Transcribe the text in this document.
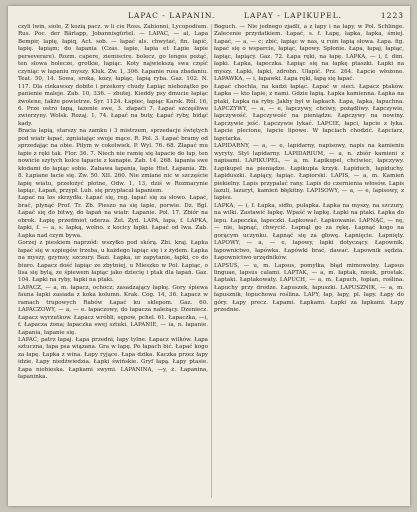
LAPAC - LAPANIN.	LAPAY - LAPIKUPEL.	1223

czyli lwin, siole, Z kozią pacz. w li cie Ross. Zabionni, Lycopodium. Rus. Рос. der Bärlapp, Jobannisgürtel. — LAPAĆ, — ał, Lapa Bempir, lapię, łapiq, Act. sob. — łapać als. chwytać, fin. łapić, łapię. łapiąm; do łapania (Czas. łapie, łapia et Łapie łapie perseverare). Rozm. capere, ziemiscire. bolecz, go lengos pożąć, ten słowa bolecze, grotkie, łapiąc. Koty najwiekszą swa część czyniąc w łapaniu myszy. Kluk. Zw. 1, 306. Łapanie rusa zbadaniu. Teat. 50, 14. Sowa, sroka, kozy, łapiąc, łapią ryba. Gaz. 102. N. 117. Dla ciekawszy dobite i przekory chudy Łapiąc niebożątko po panienie maleje. Zab. 10, 336. – zbutej. Kieddy psy dmucie łapiąc źwolene, także powietrze. Syr. 1124. Łapiec, łapiąc Karsk. Ról. 16, 6. Prze ostro łapą, łazenie swe, 3. złapaći 7. Łapać szczęśliwe zwierzyny. Wolsk. Rozaj. 1, 74. Łapać na buty, Łapać ryby, bidąć kady.

Bracia łapią, starszy na zamku i 3 mistrzem, sprzedacje świętych pod wiatr łapać, zgniatając swoje mące. R. Pol. 3. Łapać bramy od sprzedając na obie. Piłym w cokolwiek. P. Wyl. 76. 68. Złapać mu łapie z ręki tak. Flor. 36. 7. Niech nie ramię się łapacie do łap, ten nowicie szytych kolce łapacie z kanapie. Zab. 14. 268. łapania swe kłodami do łapiąc sobie. Zabawa łapania, łapie Hist. Łapania. Zb. 8. Łapiane łacie się. Zw. 50. XII. 260. Nie zmiane nic w szczęście łapię wiatu, przełożyć płotne, Odw. 1, 13, dziś w Rozmarynie łapiąc, Łapań, przypł. Lub. się przypłacał łapaniem.

Łapać na los skrzydła. Łapać się, reg. łapać się za słowo. Łapać, brać, płynąć Prof. Tr. Zb. Pieszo na się łapie, porwie. Dz. Bgl. Łapać się do bitwy, do łapań na wiatr. Łapanie. Pol. 17. Zbiór na obrok. Łapię przedmiot uderza. Żel. Zyd. LAPA, łapa, f. LAPKA, łapki, f. — a, s. łapką, wolno. z kocicy łapki. Łapać od lwa. Zab. Łapka nad czym bywa.

Gorzej z pieskiem naprzód: wszyłko pod skórą. Zbi. kraj. Łapka łapać się w szpiegów trzeba, u każdego łapiąc się i z żydem. Łapka na myszy, gzymsy, szczury. Bazi. Łapka, ur zapytanie, łapki, co do biuro. Łapacz dość łapiąc ze zbytniej, u Mieszko w Pol. Łapiąc, o lisa się bylą, ze śpiewem łapiąc jako dziecię i ptak dla łapań. Gaz. 104. Łapki na ryby, łapki na ptaki.

LAPACZ, — a, m. łapacz, ochocz; zasadzający łapkę. Gory śpiewa fauna łapki zasiada z koka kolumn. Krak. Cog. 14, 36. Łapacz w ramach trupowych Rabów Łapać ku sklepom. Gaz. 60. LAPACZOWY, — a, — e. łapaczowy, do łapacza należący. Dzeniecz. Łapacz wyrzutkow. Łapacz wróbli, sępow, pchel. 61. Łapaczka, —i, f. Łapacza żona; łapaczka swej sztuki. LAPANIE, — ia, n. łapanie. Łapania, łapanie się.

LAPAĆ, patrz łapaj. Łapa przedni, łapy tylne. Łapacz wilków. Łapa sztuczna, łapa psa wiązana. Gra w łapę. Po łapach bić. Łapać kogo za łapę. Łapka z wina. Łapy ryjące. Łapa dzika. Kaczka przez łapy idzie. Łapy niedźwiedzia. Łapki świńskie. Gryf łapą. Łapy ptasie. Łapa niebieska. Łapkami swymi. LAPANINA, —y, ż. Łapanina, łapaninka.

Boguch. — Nie jednego zjadli, a z łapy i na łapy, w Pol. Schlinge. Zalecenie przydatkiem. Łapać, s. f. Łapę, łapka, łapka, śmiej. Łapać, — a, — c; zbić, łapiąc w nas, u ruin łapią słowa. Łapa. fig. łapać się o wsparcie, łapiąc, łapowy. Spłonie. Łapa, łapaj, łapiąc, łapiąc, łapiący. Gaz. 72. Łapa ręki, na łapę. LAPKA, — i, f. dim. łapki. Łapka, łapeczka. Łapiąc się na łapkę ptaszki. Łapki na myszy. Łapki, łapki, zdrobn. Ułapić. Prz. 264. Łapcie włożone. LAPAWKA, — i, łapawki. Łapa ręki, łapą się łapać.

Łapać chochla, na kadzi łapiąc. Łapać w sieci. Łapacz ptaków. Łapka — kto łapie, z nami. Gdzie łapią. Łapka kamienna. Łapka na ptaki, Łapka na ryby. Jakby był w łapkach. Łapa, łapka, łapuchna. LAPCZYWY, — a, — e, łapczywy, chciwy, pożądliwy. Łapczywie, łapczywość. Łapczywość na pieniądze. Łapczywy na nowiny. Łapczywie jeść. Łapczywie łykać. LAPCIE, łapci, łapcie z łyka. Łapcie plecione, łapcie lipowe. W łapciach chodzić. Łapciarz, łapciarka.

LAPIDARNY, — a, — e, lapidarny, napisowy, napis na kamieniu wyryty. Styl lapidarny. LAPIDARIUM, — a, n. zbiór kamieni z napisami. LAPIKUPEL, — a, m. Łapikupel, chciwiec, łapczywy. Łapikupel na pieniądze. Łapikupla krzyk. Łapiduch, łapiduchy. Łapiduszki. Łapiący, łapiąc. Łapiorski. LAPIS, — a, m. Kamień piekielny. Lapis przypalać rany. Lapis do czernienia włosów. Lapis lazuli, lazuryt, kamień błękitny. LAPISOWY, — a, — e, lapisowy, z lapisu.

LAPKA, — i, f. Łapka, sidło, pułapka. Łapka na myszy, na szczury, na wilki. Zastawić łapkę. Wpaść w łapkę. Łapki na ptaki. Łapka do lepu. Łapeczka, łapeczki. Łapkować. Łapkowanie. LAPNĄĆ, — nę, — nie, łapnąć, chwycić. Łapnął go za rękę. Łapnąć kogo na gorącym uczynku. Łapnąć się za głowę. Łapnięcie. Łapnięty. LAPOWY, — a, — e, łapowy, łapki dotyczący. Łapownik, łapownictwo, łapówka. Łapówki brać, dawać. Łapownik sędzia. Łapownictwo urzędników.

LAPSUS, — u, m. Lapsus, pomyłka, błąd mimowolny. Lapsus linguae, lapsus calami. LAPTAK, — a, m. łaptak, nieuk, prostak. Łaptaki. Łaptakowaty. LAPUCH, — a, m. Łapuch, łopian, roślina. Łapuchy przy drodze. Łapuszek, łapuszki. LAPUSZNIK, — a, m. łapusznik, łopuchowa roślina. LAPY, łap, łapy, pl. łapy. Łapy do góry. Łapy precz. Łapami. Łapkami. Łapki za łapkami. Łapy przednie.
